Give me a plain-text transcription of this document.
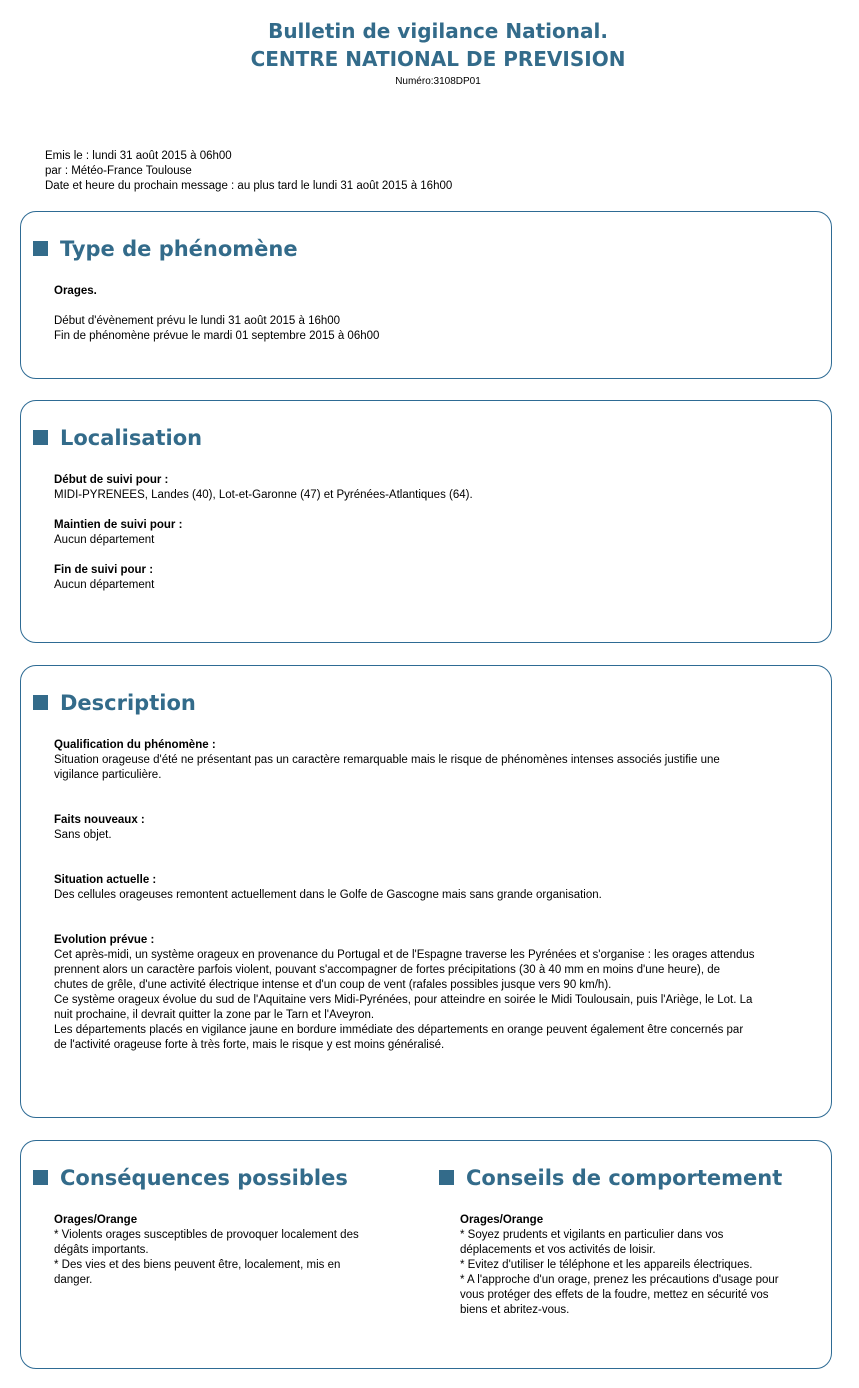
Bulletin de vigilance National.
CENTRE NATIONAL DE PREVISION
Numéro:3108DP01
Emis le : lundi 31 août 2015 à 06h00
par : Météo-France Toulouse
Date et heure du prochain message : au plus tard le lundi 31 août 2015 à 16h00
Type de phénomène
Orages.
Début d'évènement prévu le lundi 31 août 2015 à 16h00
Fin de phénomène prévue le mardi 01 septembre 2015 à 06h00
Localisation
Début de suivi pour :
MIDI-PYRENEES, Landes (40), Lot-et-Garonne (47) et Pyrénées-Atlantiques (64).
Maintien de suivi pour :
Aucun département
Fin de suivi pour :
Aucun département
Description
Qualification du phénomène :
Situation orageuse d'été ne présentant pas un caractère remarquable mais le risque de phénomènes intenses associés justifie une
vigilance particulière.
Faits nouveaux :
Sans objet.
Situation actuelle :
Des cellules orageuses remontent actuellement dans le Golfe de Gascogne mais sans grande organisation.
Evolution prévue :
Cet après-midi, un système orageux en provenance du Portugal et de l'Espagne traverse les Pyrénées et s'organise : les orages attendus
prennent alors un caractère parfois violent, pouvant s'accompagner de fortes précipitations (30 à 40 mm en moins d'une heure), de
chutes de grêle, d'une activité électrique intense et d'un coup de vent (rafales possibles jusque vers 90 km/h).
Ce système orageux évolue du sud de l'Aquitaine vers Midi-Pyrénées, pour atteindre en soirée le Midi Toulousain, puis l'Ariège, le Lot. La
nuit prochaine, il devrait quitter la zone par le Tarn et l'Aveyron.
Les départements placés en vigilance jaune en bordure immédiate des départements en orange peuvent également être concernés par
de l'activité orageuse forte à très forte, mais le risque y est moins généralisé.
Conséquences possibles
Orages/Orange
* Violents orages susceptibles de provoquer localement des
dégâts importants.
* Des vies et des biens peuvent être, localement, mis en
danger.
Conseils de comportement
Orages/Orange
* Soyez prudents et vigilants en particulier dans vos
déplacements et vos activités de loisir.
* Evitez d'utiliser le téléphone et les appareils électriques.
* A l'approche d'un orage, prenez les précautions d'usage pour
vous protéger des effets de la foudre, mettez en sécurité vos
biens et abritez-vous.
